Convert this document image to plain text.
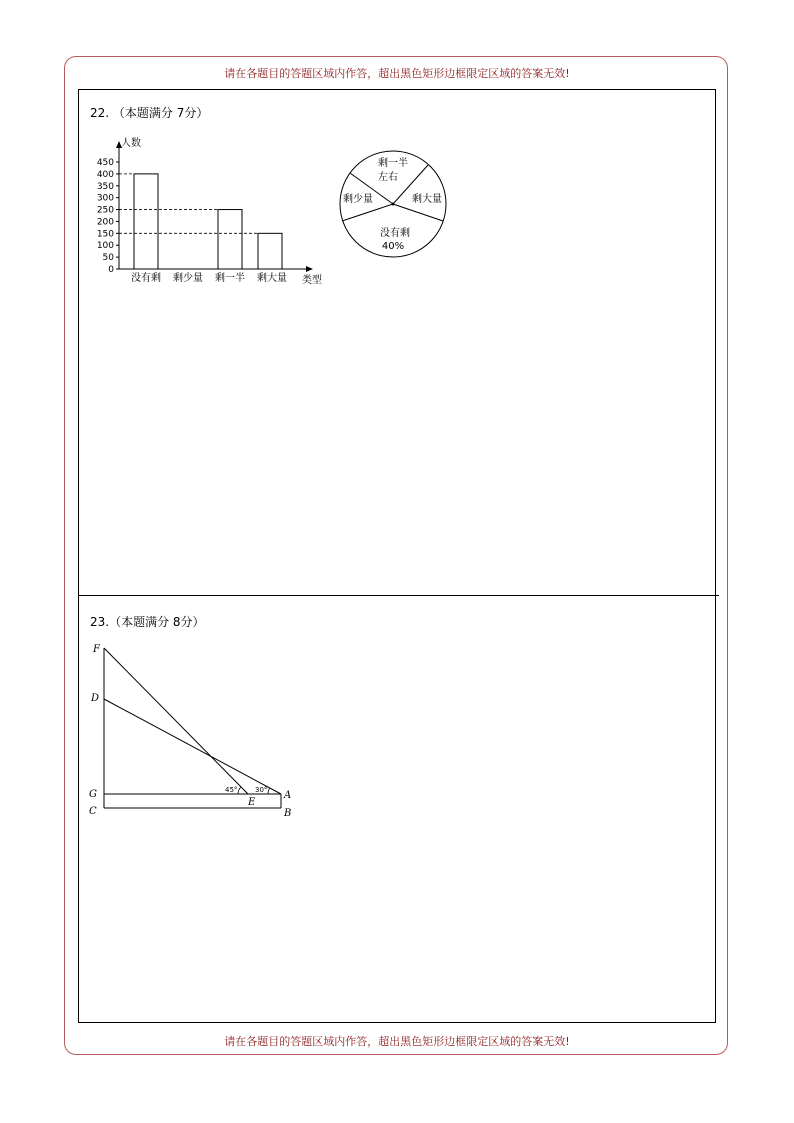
请在各题目的答题区域内作答，超出黑色矩形边框限定区域的答案无效!
22. （本题满分 7分）
人数
类型
450
400
350
300
250
200
150
100
50
0
没有剩 剩少量 剩一半 剩大量
剩一半
左右
剩大量
没有剩
40%
剩少量
23.（本题满分 8分）
F
D
G
C
E
A
B
45°	30°
请在各题目的答题区域内作答，超出黑色矩形边框限定区域的答案无效!
